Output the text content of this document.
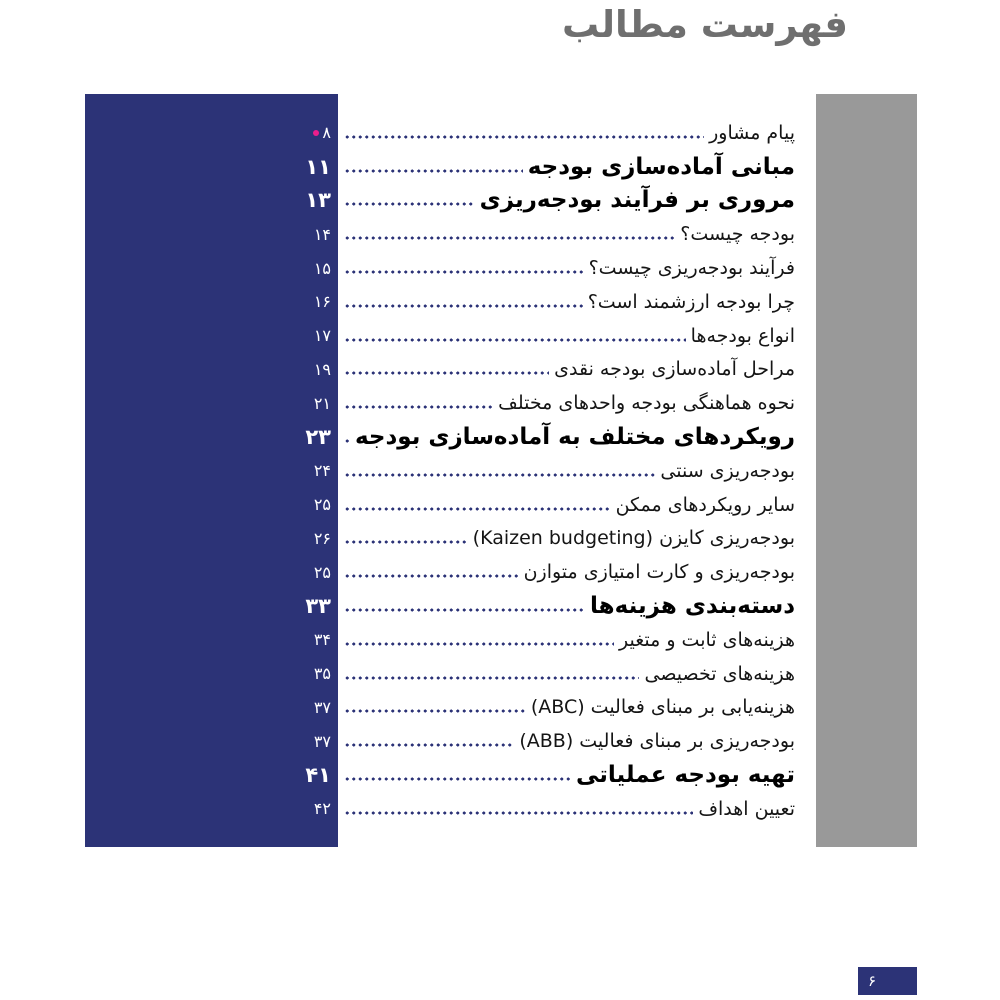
فهرست مطالب
۸	پیام مشاور
۱۱	مبانی آماده‌سازی بودجه
۱۳	مروری بر فرآیند بودجه‌ریزی
۱۴	بودجه چیست؟
۱۵	فرآیند بودجه‌ریزی چیست؟
۱۶	چرا بودجه ارزشمند است؟
۱۷	انواع بودجه‌ها
۱۹	مراحل آماده‌سازی بودجه نقدی
۲۱	نحوه هماهنگی بودجه واحدهای مختلف
۲۳ رویکردهای مختلف به آماده‌سازی بودجه
۲۴	بودجه‌ریزی سنتی
۲۵	سایر رویکردهای ممکن
۲۶	بودجه‌ریزی کایزن (Kaizen budgeting)
۲۵	بودجه‌ریزی و کارت امتیازی متوازن
۳۳	دسته‌بندی هزینه‌ها
۳۴	هزینه‌های ثابت و متغیر
۳۵	هزینه‌های تخصیصی
۳۷	هزینه‌یابی بر مبنای فعالیت (ABC)
۳۷	بودجه‌ریزی بر مبنای فعالیت (ABB)
۴۱	تهیه بودجه عملیاتی
۴۲	تعیین اهداف
۶
